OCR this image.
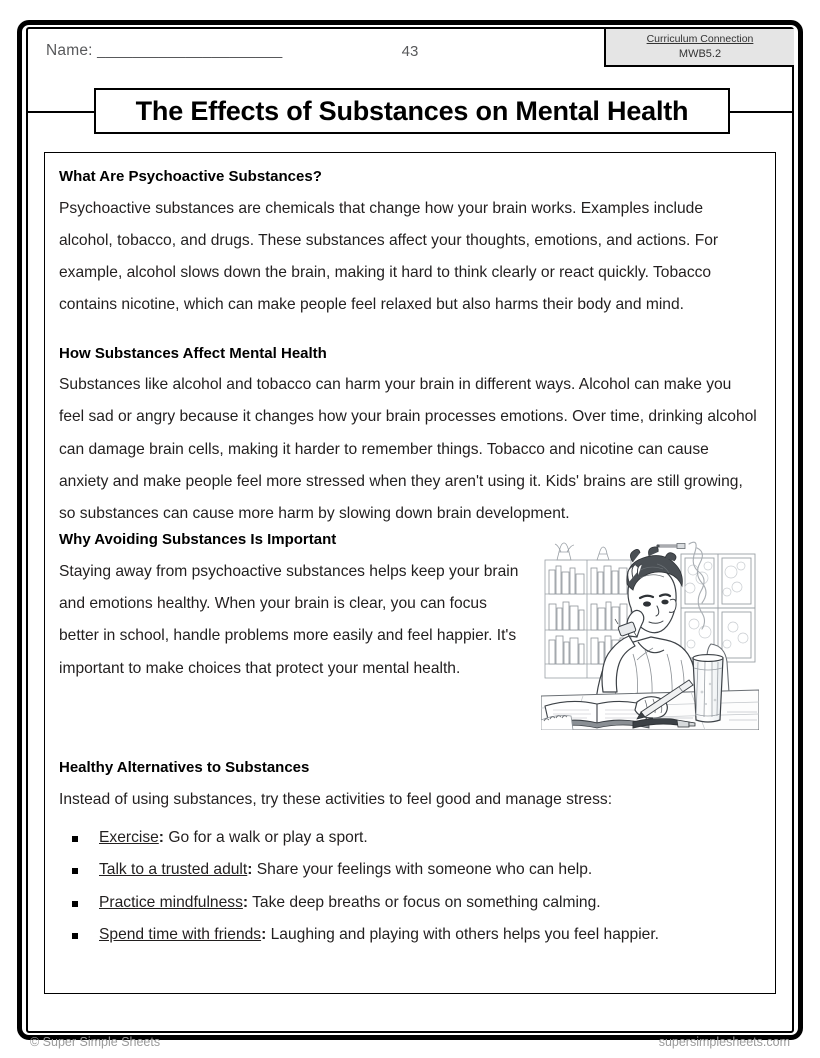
Name: _____________________	43
Curriculum Connection
MWB5.2
The Effects of Substances on Mental Health
What Are Psychoactive Substances?

Psychoactive substances are chemicals that change how your brain works. Examples include alcohol, tobacco, and drugs. These substances affect your thoughts, emotions, and actions. For example, alcohol slows down the brain, making it hard to think clearly or react quickly. Tobacco contains nicotine, which can make people feel relaxed but also harms their body and mind.

How Substances Affect Mental Health

Substances like alcohol and tobacco can harm your brain in different ways. Alcohol can make you feel sad or angry because it changes how your brain processes emotions. Over time, drinking alcohol can damage brain cells, making it harder to remember things. Tobacco and nicotine can cause anxiety and make people feel more stressed when they aren't using it. Kids' brains are still growing, so substances can cause more harm by slowing down brain development.

Why Avoiding Substances Is Important

Staying away from psychoactive substances helps keep your brain and emotions healthy. When your brain is clear, you can focus better in school, handle problems more easily and feel happier. It's important to make choices that protect your mental health.

Healthy Alternatives to Substances

Instead of using substances, try these activities to feel good and manage stress:

Exercise: Go for a walk or play a sport.
Talk to a trusted adult: Share your feelings with someone who can help.
Practice mindfulness: Take deep breaths or focus on something calming.
Spend time with friends: Laughing and playing with others helps you feel happier.
© Super Simple Sheets	supersimplesheets.com
